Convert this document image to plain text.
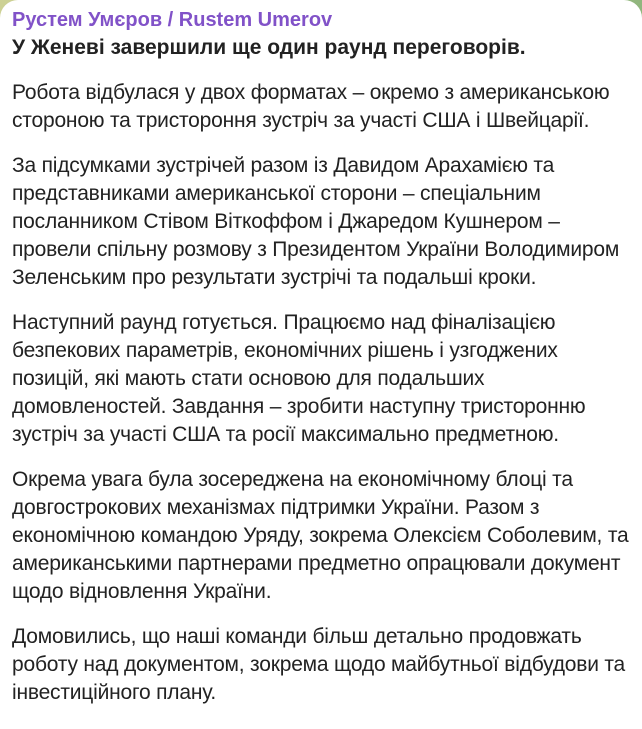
Рустем Умєров / Rustem Umerov
У Женеві завершили ще один раунд переговорів.
Робота відбулася у двох форматах – окремо з американською стороною та тристороння зустріч за участі США і Швейцарії.
За підсумками зустрічей разом із Давидом Арахамією та представниками американської сторони – спеціальним посланником Стівом Віткоффом і Джаредом Кушнером – провели спільну розмову з Президентом України Володимиром Зеленським про результати зустрічі та подальші кроки.
Наступний раунд готується. Працюємо над фіналізацією безпекових параметрів, економічних рішень і узгоджених позицій, які мають стати основою для подальших домовленостей. Завдання – зробити наступну тристоронню зустріч за участі США та росії максимально предметною.
Окрема увага була зосереджена на економічному блоці та довгострокових механізмах підтримки України. Разом з економічною командою Уряду, зокрема Олексієм Соболевим, та американськими партнерами предметно опрацювали документ щодо відновлення України.
Домовились, що наші команди більш детально продовжать роботу над документом, зокрема щодо майбутньої відбудови та інвестиційного плану.
